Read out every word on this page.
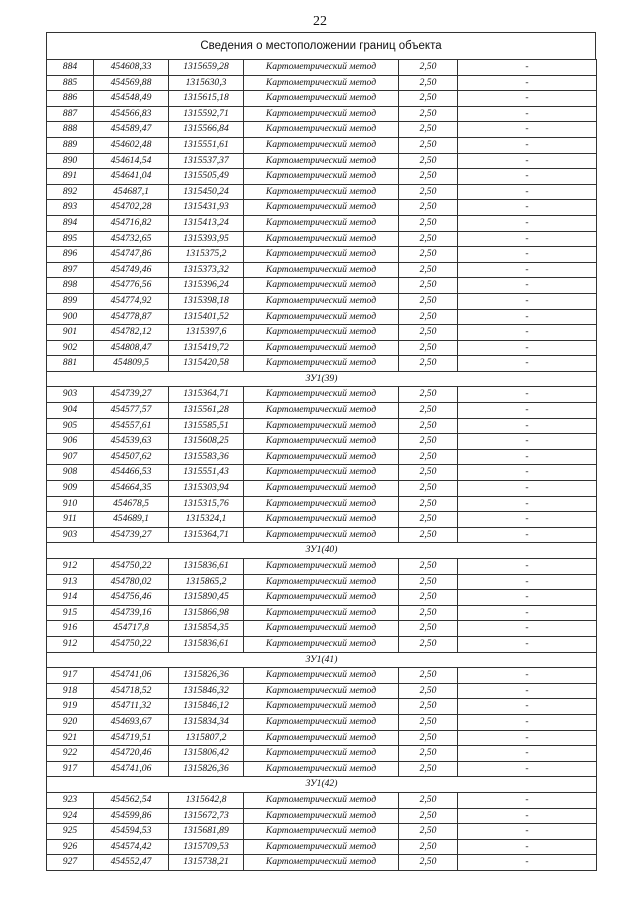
22
Сведения о местоположении границ объекта
884	454608,33	1315659,28	Картометрический метод	2,50	-
885	454569,88	1315630,3	Картометрический метод	2,50	-
886	454548,49	1315615,18	Картометрический метод	2,50	-
887	454566,83	1315592,71	Картометрический метод	2,50	-
888	454589,47	1315566,84	Картометрический метод	2,50	-
889	454602,48	1315551,61	Картометрический метод	2,50	-
890	454614,54	1315537,37	Картометрический метод	2,50	-
891	454641,04	1315505,49	Картометрический метод	2,50	-
892	454687,1	1315450,24	Картометрический метод	2,50	-
893	454702,28	1315431,93	Картометрический метод	2,50	-
894	454716,82	1315413,24	Картометрический метод	2,50	-
895	454732,65	1315393,95	Картометрический метод	2,50	-
896	454747,86	1315375,2	Картометрический метод	2,50	-
897	454749,46	1315373,32	Картометрический метод	2,50	-
898	454776,56	1315396,24	Картометрический метод	2,50	-
899	454774,92	1315398,18	Картометрический метод	2,50	-
900	454778,87	1315401,52	Картометрический метод	2,50	-
901	454782,12	1315397,6	Картометрический метод	2,50	-
902	454808,47	1315419,72	Картометрический метод	2,50	-
881	454809,5	1315420,58	Картометрический метод	2,50	-
ЗУ1(39)					
903	454739,27	1315364,71	Картометрический метод	2,50	-
904	454577,57	1315561,28	Картометрический метод	2,50	-
905	454557,61	1315585,51	Картометрический метод	2,50	-
906	454539,63	1315608,25	Картометрический метод	2,50	-
907	454507,62	1315583,36	Картометрический метод	2,50	-
908	454466,53	1315551,43	Картометрический метод	2,50	-
909	454664,35	1315303,94	Картометрический метод	2,50	-
910	454678,5	1315315,76	Картометрический метод	2,50	-
911	454689,1	1315324,1	Картометрический метод	2,50	-
903	454739,27	1315364,71	Картометрический метод	2,50	-
ЗУ1(40)					
912	454750,22	1315836,61	Картометрический метод	2,50	-
913	454780,02	1315865,2	Картометрический метод	2,50	-
914	454756,46	1315890,45	Картометрический метод	2,50	-
915	454739,16	1315866,98	Картометрический метод	2,50	-
916	454717,8	1315854,35	Картометрический метод	2,50	-
912	454750,22	1315836,61	Картометрический метод	2,50	-
ЗУ1(41)					
917	454741,06	1315826,36	Картометрический метод	2,50	-
918	454718,52	1315846,32	Картометрический метод	2,50	-
919	454711,32	1315846,12	Картометрический метод	2,50	-
920	454693,67	1315834,34	Картометрический метод	2,50	-
921	454719,51	1315807,2	Картометрический метод	2,50	-
922	454720,46	1315806,42	Картометрический метод	2,50	-
917	454741,06	1315826,36	Картометрический метод	2,50	-
ЗУ1(42)					
923	454562,54	1315642,8	Картометрический метод	2,50	-
924	454599,86	1315672,73	Картометрический метод	2,50	-
925	454594,53	1315681,89	Картометрический метод	2,50	-
926	454574,42	1315709,53	Картометрический метод	2,50	-
927	454552,47	1315738,21	Картометрический метод	2,50	-
